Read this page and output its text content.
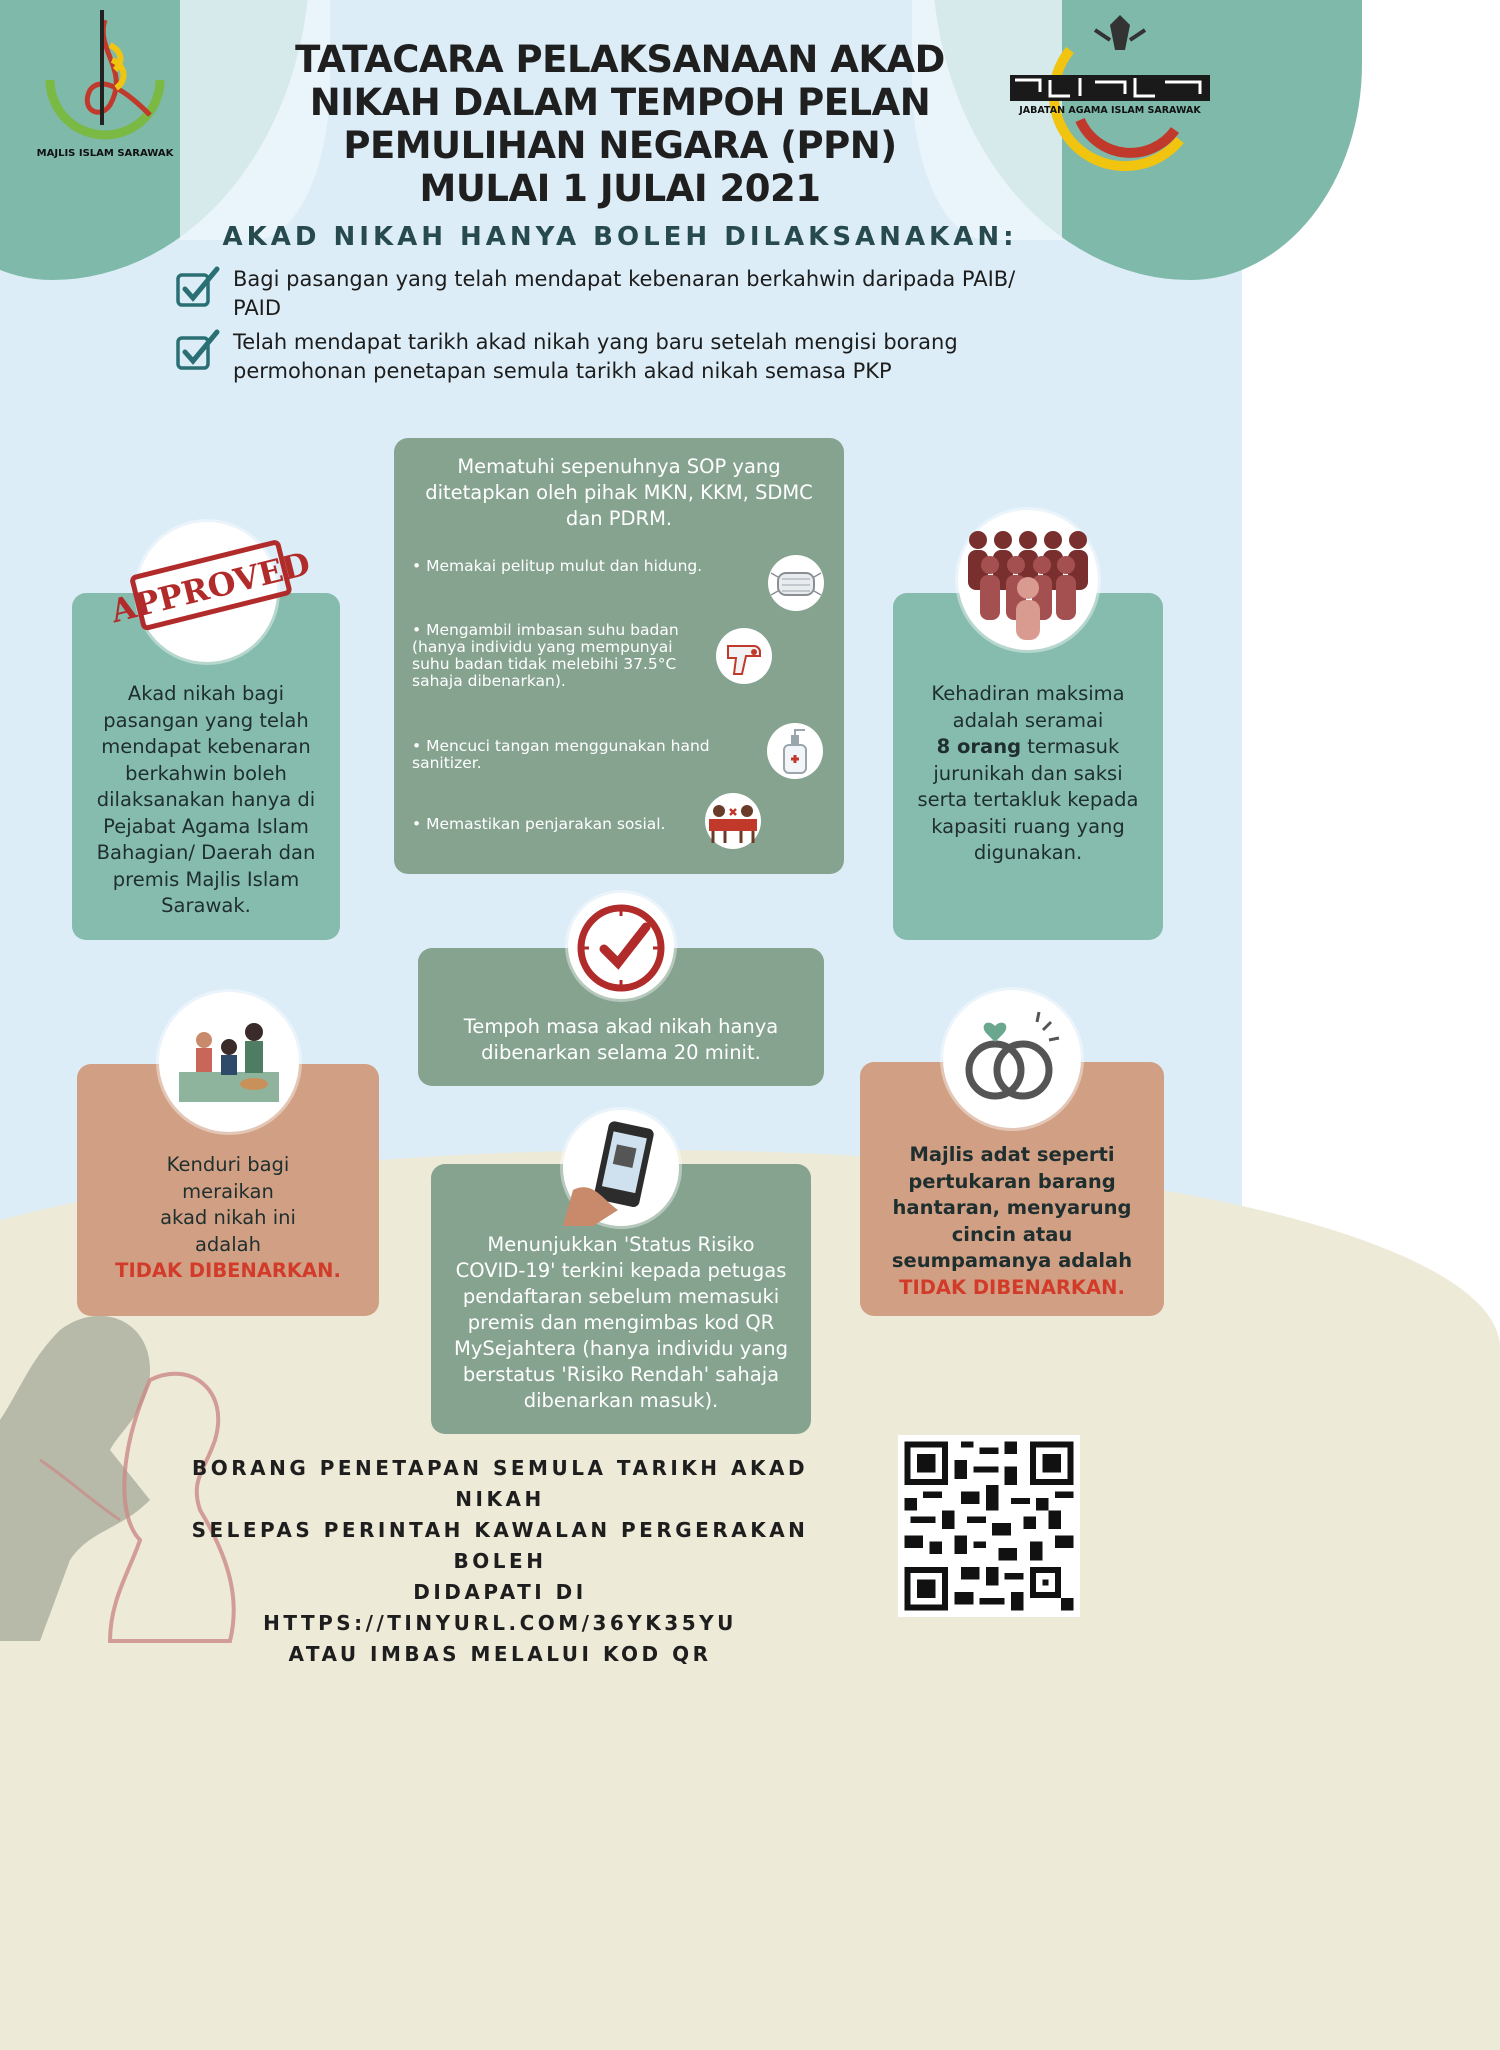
MAJLIS ISLAM SARAWAK
JABATAN AGAMA ISLAM SARAWAK
TATACARA PELAKSANAAN AKAD
NIKAH DALAM TEMPOH PELAN
PEMULIHAN NEGARA (PPN)
MULAI 1 JULAI 2021
AKAD NIKAH HANYA BOLEH DILAKSANAKAN:
Bagi pasangan yang telah mendapat kebenaran berkahwin daripada PAIB/ PAID
Telah mendapat tarikh akad nikah yang baru setelah mengisi borang permohonan penetapan semula tarikh akad nikah semasa PKP
Mematuhi sepenuhnya SOP yang ditetapkan oleh pihak MKN, KKM, SDMC dan PDRM.
• Memakai pelitup mulut dan hidung.
• Mengambil imbasan suhu badan (hanya individu yang mempunyai suhu badan tidak melebihi 37.5°C sahaja dibenarkan).
• Mencuci tangan menggunakan hand sanitizer.
• Memastikan penjarakan sosial.
Akad nikah bagi pasangan yang telah mendapat kebenaran berkahwin boleh dilaksanakan hanya di Pejabat Agama Islam Bahagian/ Daerah dan premis Majlis Islam Sarawak.
APPROVED
Kehadiran maksima
adalah seramai
8 orang termasuk jurunikah dan saksi serta tertakluk kepada kapasiti ruang yang digunakan.
Tempoh masa akad nikah hanya dibenarkan selama 20 minit.
Kenduri bagi
meraikan
akad nikah ini
adalah
TIDAK DIBENARKAN.
Majlis adat seperti pertukaran barang hantaran, menyarung cincin atau seumpamanya adalah
TIDAK DIBENARKAN.
Menunjukkan 'Status Risiko COVID-19' terkini kepada petugas pendaftaran sebelum memasuki premis dan mengimbas kod QR MySejahtera (hanya individu yang berstatus 'Risiko Rendah' sahaja dibenarkan masuk).
BORANG PENETAPAN SEMULA TARIKH AKAD NIKAH
SELEPAS PERINTAH KAWALAN PERGERAKAN BOLEH
DIDAPATI DI
HTTPS://TINYURL.COM/36YK35YU
ATAU IMBAS MELALUI KOD QR
